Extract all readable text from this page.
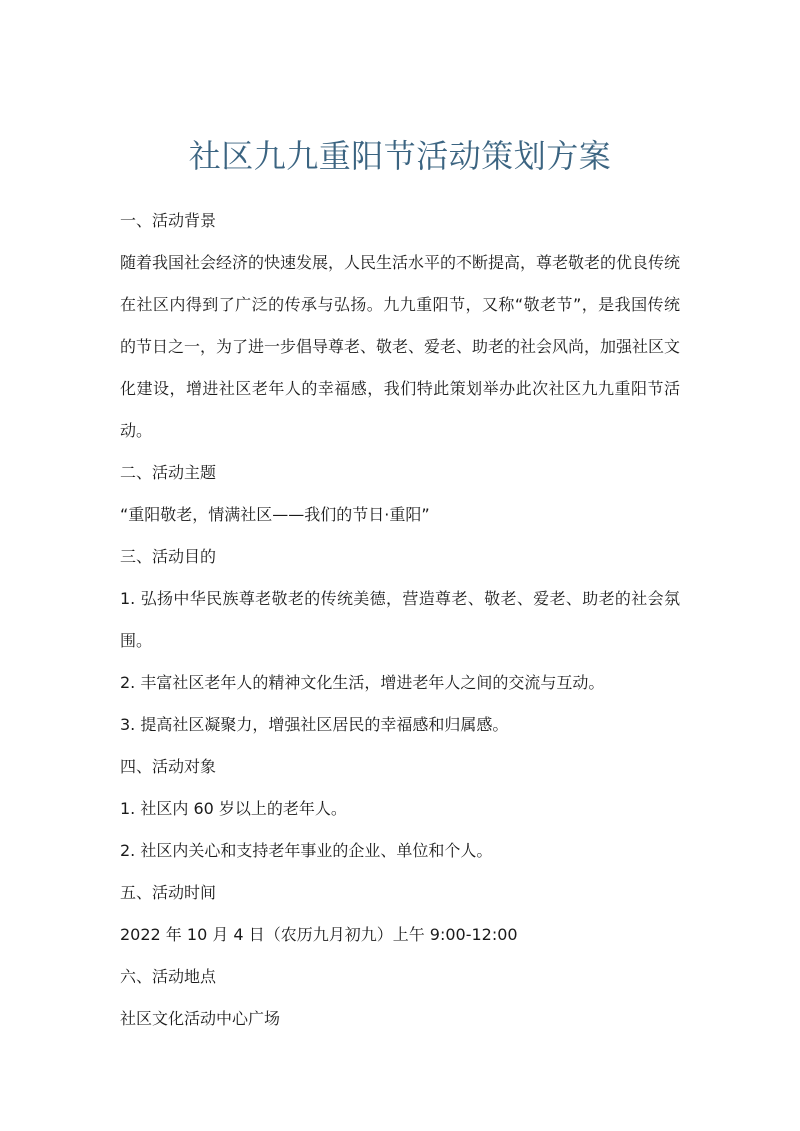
社区九九重阳节活动策划方案

一、活动背景

随着我国社会经济的快速发展，人民生活水平的不断提高，尊老敬老的优良传统在社区内得到了广泛的传承与弘扬。九九重阳节，又称“敬老节”，是我国传统的节日之一，为了进一步倡导尊老、敬老、爱老、助老的社会风尚，加强社区文化建设，增进社区老年人的幸福感，我们特此策划举办此次社区九九重阳节活动。

二、活动主题

“重阳敬老，情满社区——我们的节日·重阳”

三、活动目的

1. 弘扬中华民族尊老敬老的传统美德，营造尊老、敬老、爱老、助老的社会氛围。

2. 丰富社区老年人的精神文化生活，增进老年人之间的交流与互动。

3. 提高社区凝聚力，增强社区居民的幸福感和归属感。

四、活动对象

1. 社区内 60 岁以上的老年人。

2. 社区内关心和支持老年事业的企业、单位和个人。

五、活动时间

2022 年 10 月 4 日（农历九月初九）上午 9:00-12:00

六、活动地点

社区文化活动中心广场
